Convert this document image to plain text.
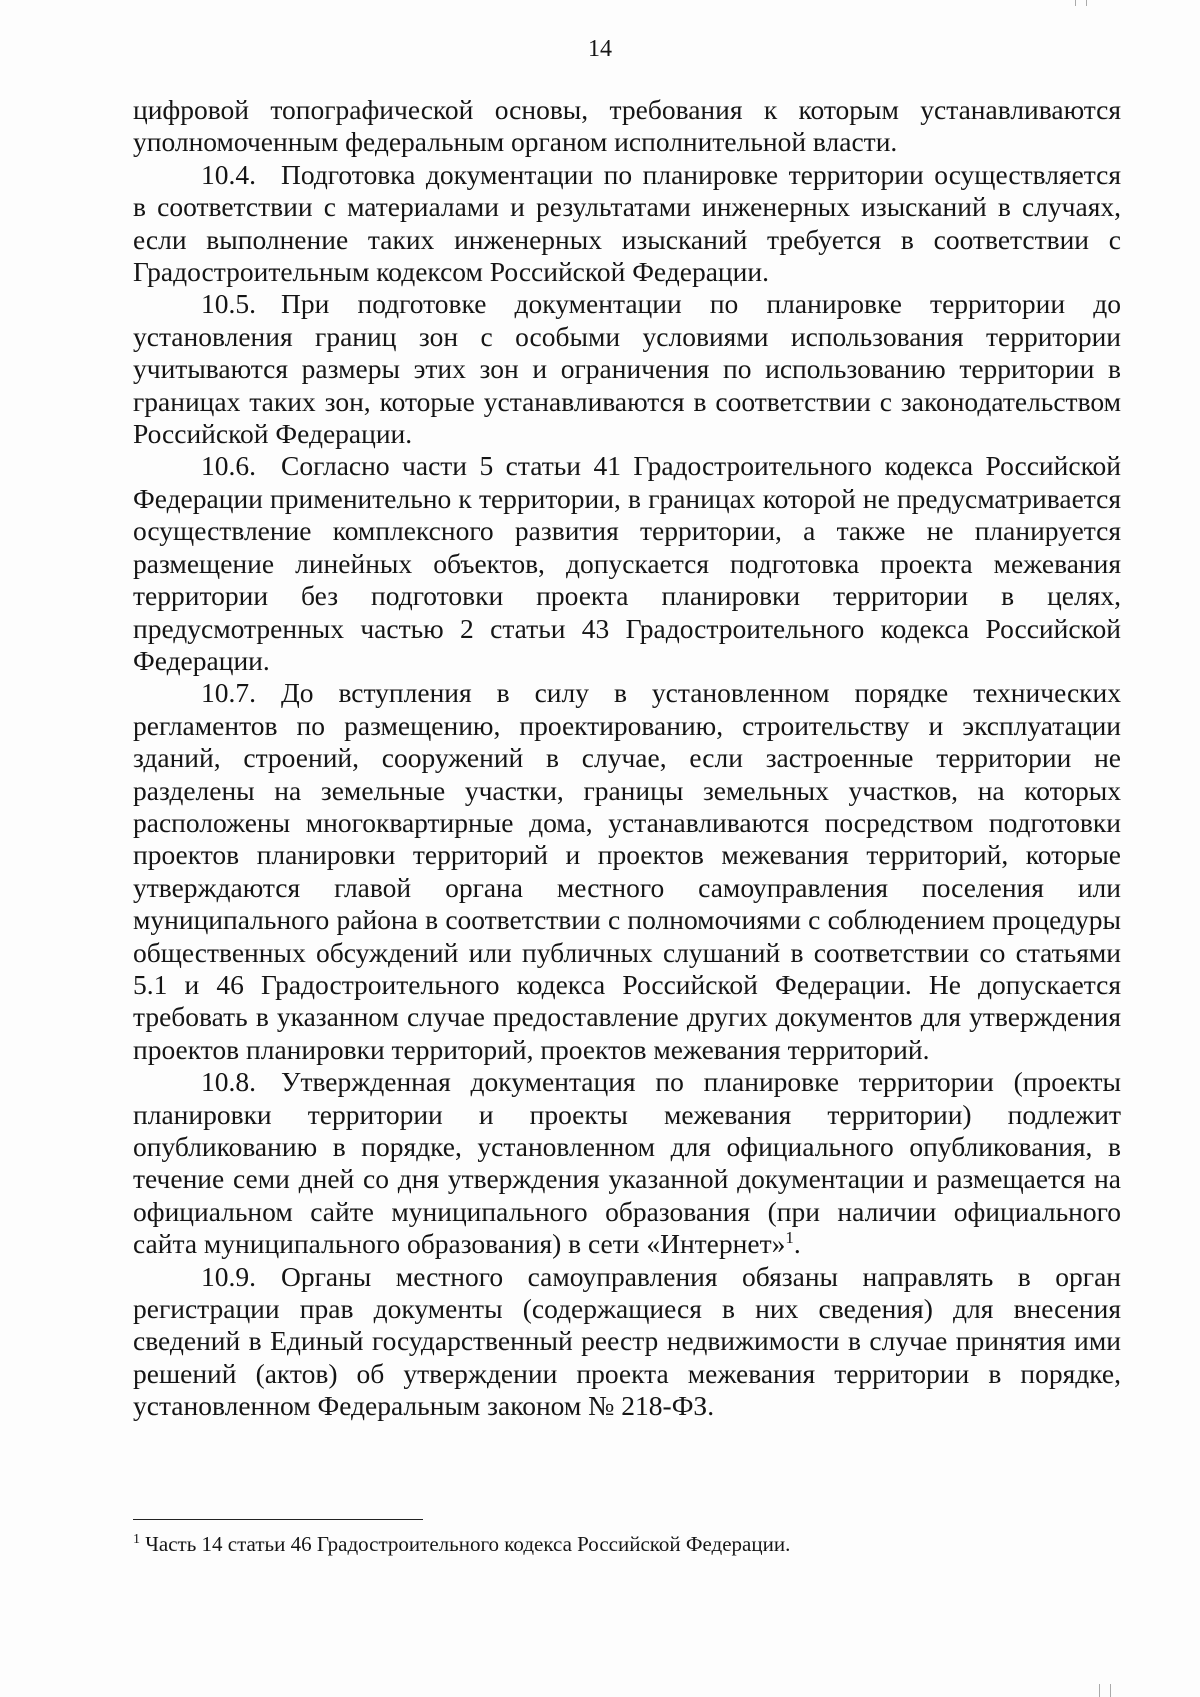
14

цифровой топографической основы, требования к которым устанавливаются уполномоченным федеральным органом исполнительной власти.

10.4. Подготовка документации по планировке территории осуществляется в соответствии с материалами и результатами инженерных изысканий в случаях, если выполнение таких инженерных изысканий требуется в соответствии с Градостроительным кодексом Российской Федерации.

10.5. При подготовке документации по планировке территории до установления границ зон с особыми условиями использования территории учитываются размеры этих зон и ограничения по использованию территории в границах таких зон, которые устанавливаются в соответствии с законодательством Российской Федерации.

10.6. Согласно части 5 статьи 41 Градостроительного кодекса Российской Федерации применительно к территории, в границах которой не предусматривается осуществление комплексного развития территории, а также не планируется размещение линейных объектов, допускается подготовка проекта межевания территории без подготовки проекта планировки территории в целях, предусмотренных частью 2 статьи 43 Градостроительного кодекса Российской Федерации.

10.7. До вступления в силу в установленном порядке технических регламентов по размещению, проектированию, строительству и эксплуатации зданий, строений, сооружений в случае, если застроенные территории не разделены на земельные участки, границы земельных участков, на которых расположены многоквартирные дома, устанавливаются посредством подготовки проектов планировки территорий и проектов межевания территорий, которые утверждаются главой органа местного самоуправления поселения или муниципального района в соответствии с полномочиями с соблюдением процедуры общественных обсуждений или публичных слушаний в соответствии со статьями 5.1 и 46 Градостроительного кодекса Российской Федерации. Не допускается требовать в указанном случае предоставление других документов для утверждения проектов планировки территорий, проектов межевания территорий.

10.8. Утвержденная документация по планировке территории (проекты планировки территории и проекты межевания территории) подлежит опубликованию в порядке, установленном для официального опубликования, в течение семи дней со дня утверждения указанной документации и размещается на официальном сайте муниципального образования (при наличии официального сайта муниципального образования) в сети «Интернет»$^1$.

10.9. Органы местного самоуправления обязаны направлять в орган регистрации прав документы (содержащиеся в них сведения) для внесения сведений в Единый государственный реестр недвижимости в случае принятия ими решений (актов) об утверждении проекта межевания территории в порядке, установленном Федеральным законом № 218-ФЗ.

$^1$ Часть 14 статьи 46 Градостроительного кодекса Российской Федерации.
